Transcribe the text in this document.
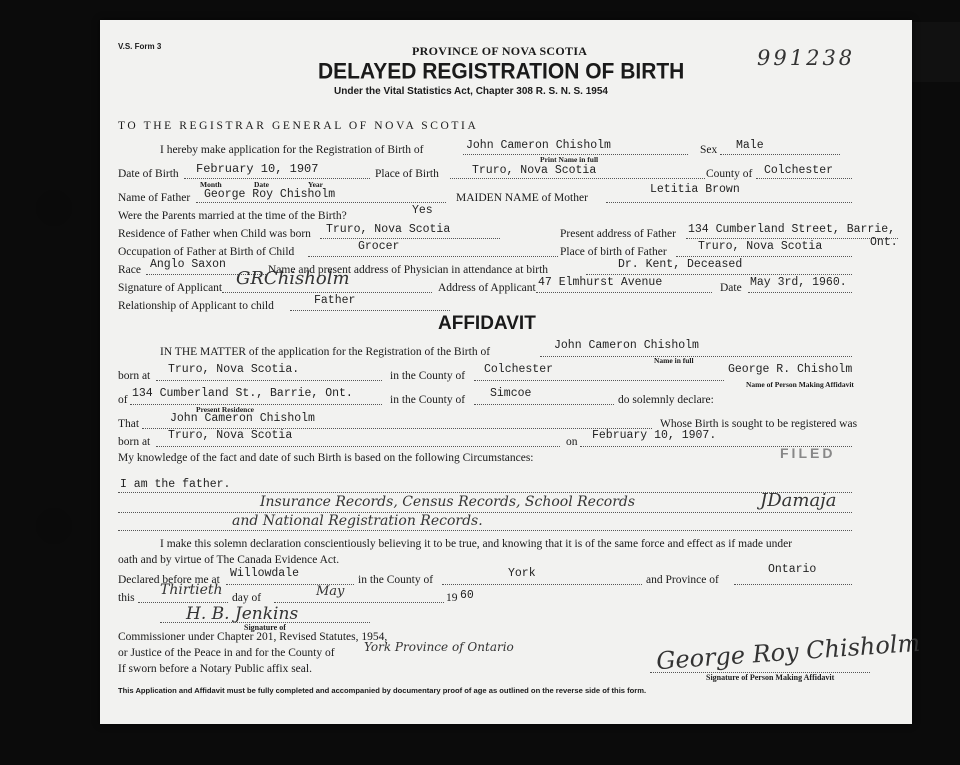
V.S. Form 3	PROVINCE OF NOVA SCOTIA
DELAYED REGISTRATION OF BIRTH
Under the Vital Statistics Act, Chapter 308 R. S. N. S. 1954
991238
TO THE REGISTRAR GENERAL OF NOVA SCOTIA
I hereby make application for the Registration of Birth of	John Cameron Chisholm
Print Name in full
Sex Male
Date of Birth February 10, 1907	Place of Birth	Truro, Nova Scotia	County of Colchester
Month	Date	Year
Name of Father George Roy Chisholm	MAIDEN NAME of Mother
Letitia Brown
Were the Parents married at the time of the Birth?	Yes
Residence of Father when Child was born Truro, Nova Scotia	Present address of Father 134 Cumberland Street, Barrie,
Ont.
Occupation of Father at Birth of Child	Grocer	Place of birth of Father	Truro, Nova Scotia
Race Anglo Saxon	Name and present address of Physician in attendance at birth	Dr. Kent, Deceased
Signature of Applicant GRChisholm	Address of Applicant 47 Elmhurst Avenue	Date May 3rd, 1960.
Relationship of Applicant to child	Father
AFFIDAVIT
IN THE MATTER of the application for the Registration of the Birth of	John Cameron Chisholm
Name in full
born at Truro, Nova Scotia.	in the County of Colchester	George R. Chisholm
Name of Person Making Affidavit
of 134 Cumberland St., Barrie, Ont.	in the County of Simcoe	do solemnly declare:
Present Residence
That	John Cameron Chisholm	Whose Birth is sought to be registered was
born at Truro, Nova Scotia	on February 10, 1907.
My knowledge of the fact and date of such Birth is based on the following Circumstances:	FILED
I am the father.
Insurance Records, Census Records, School Records
and National Registration Records.
JDamaja
I make this solemn declaration conscientiously believing it to be true, and knowing that it is of the same force and effect as if made under
oath and by virtue of The Canada Evidence Act.
Declared before me at Willowdale	in the County of	York	and Province of
Ontario
this Thirtieth day of	May	19 60
H. B. Jenkins
Signature of
Commissioner under Chapter 201, Revised Statutes, 1954,
or Justice of the Peace in and for the County of York Province of Ontario
If sworn before a Notary Public affix seal.	George Roy Chisholm
Signature of Person Making Affidavit
This Application and Affidavit must be fully completed and accompanied by documentary proof of age as outlined on the reverse side of this form.
